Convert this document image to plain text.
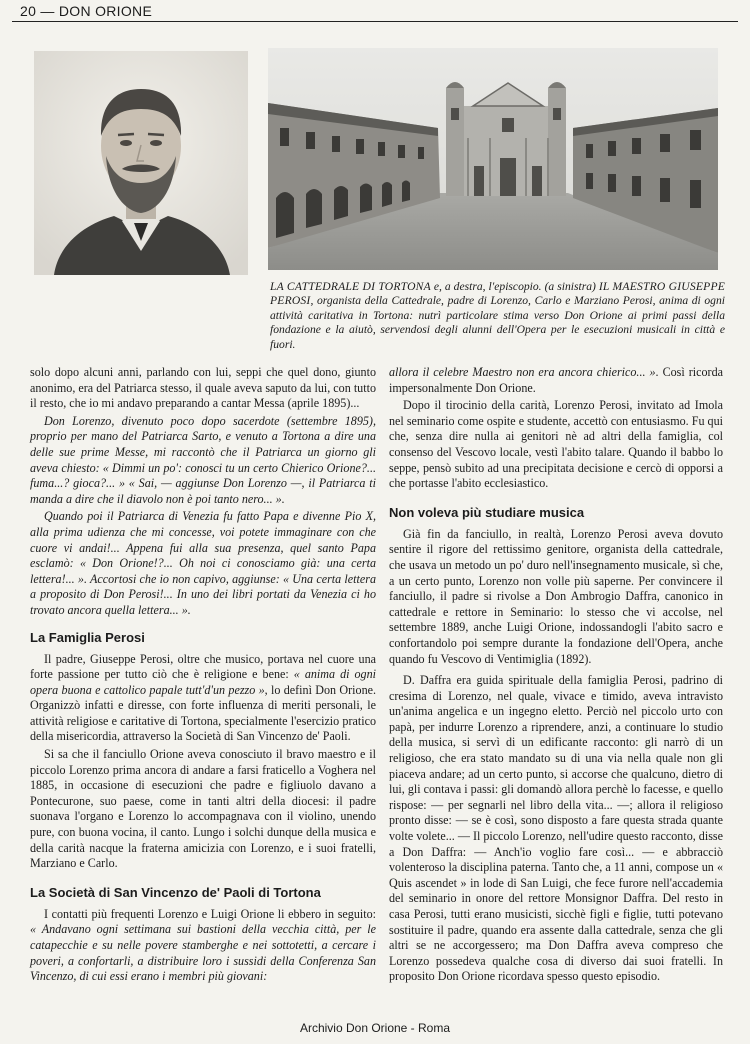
20 — DON ORIONE
LA CATTEDRALE DI TORTONA e, a destra, l'episcopio. (a sinistra) IL MAESTRO GIUSEPPE PEROSI, organista della Cattedrale, padre di Lorenzo, Carlo e Marziano Perosi, anima di ogni attività caritativa in Tortona: nutrì particolare stima verso Don Orione ai primi passi della fondazione e la aiutò, servendosi degli alunni dell'Opera per le esecuzioni musicali in città e fuori.

solo dopo alcuni anni, parlando con lui, seppi che quel dono, giunto anonimo, era del Patriarca stesso, il quale aveva saputo da lui, con tutto il resto, che io mi andavo preparando a cantar Messa (aprile 1895)...

Don Lorenzo, divenuto poco dopo sacerdote (settembre 1895), proprio per mano del Patriarca Sarto, e venuto a Tortona a dire una delle sue prime Messe, mi raccontò che il Patriarca un giorno gli aveva chiesto: « Dimmi un po': conosci tu un certo Chierico Orione?... fuma...? gioca?... » « Sai, — aggiunse Don Lorenzo —, il Patriarca ti manda a dire che il diavolo non è poi tanto nero... ».

Quando poi il Patriarca di Venezia fu fatto Papa e divenne Pio X, alla prima udienza che mi concesse, voi potete immaginare con che cuore vi andai!... Appena fui alla sua presenza, quel santo Papa esclamò: « Don Orione!?... Oh noi ci conosciamo già: una certa lettera!... ». Accortosi che io non capivo, aggiunse: « Una certa lettera a proposito di Don Perosi!... In uno dei libri portati da Venezia ci ho trovato ancora quella lettera... ».

La Famiglia Perosi

Il padre, Giuseppe Perosi, oltre che musico, portava nel cuore una forte passione per tutto ciò che è religione e bene: « anima di ogni opera buona e cattolico papale tutt'd'un pezzo », lo definì Don Orione. Organizzò infatti e diresse, con forte influenza di meriti personali, le attività religiose e caritative di Tortona, specialmente l'esercizio pratico della misericordia, attraverso la Società di San Vincenzo de' Paoli.

Si sa che il fanciullo Orione aveva conosciuto il bravo maestro e il piccolo Lorenzo prima ancora di andare a farsi fraticello a Voghera nel 1885, in occasione di esecuzioni che padre e figliuolo davano a Pontecurone, suo paese, come in tanti altri della diocesi: il padre suonava l'organo e Lorenzo lo accompagnava con il violino, unendo pure, con buona vocina, il canto. Lungo i solchi dunque della musica e della carità nacque la fraterna amicizia con Lorenzo, e i suoi fratelli, Marziano e Carlo.

La Società di San Vincenzo de' Paoli di Tortona

I contatti più frequenti Lorenzo e Luigi Orione li ebbero in seguito: « Andavano ogni settimana sui bastioni della vecchia città, per le catapecchie e su nelle povere stamberghe e nei sottotetti, a cercare i poveri, a confortarli, a distribuire loro i sussidi della Conferenza San Vincenzo, di cui essi erano i membri più giovani:

allora il celebre Maestro non era ancora chierico... ». Così ricorda impersonalmente Don Orione.

Dopo il tirocinio della carità, Lorenzo Perosi, invitato ad Imola nel seminario come ospite e studente, accettò con entusiasmo. Fu qui che, senza dire nulla ai genitori nè ad altri della famiglia, col consenso del Vescovo locale, vestì l'abito talare. Quando il babbo lo seppe, pensò subito ad una precipitata decisione e cercò di opporsi a che portasse l'abito ecclesiastico.

Non voleva più studiare musica

Già fin da fanciullo, in realtà, Lorenzo Perosi aveva dovuto sentire il rigore del rettissimo genitore, organista della cattedrale, che usava un metodo un po' duro nell'insegnamento musicale, sì che, a un certo punto, Lorenzo non volle più saperne. Per convincere il fanciullo, il padre si rivolse a Don Ambrogio Daffra, canonico in cattedrale e rettore in Seminario: lo stesso che vi accolse, nel settembre 1889, anche Luigi Orione, indossandogli l'abito sacro e confortandolo poi sempre durante la fondazione dell'Opera, anche quando fu Vescovo di Ventimiglia (1892).

D. Daffra era guida spirituale della famiglia Perosi, padrino di cresima di Lorenzo, nel quale, vivace e timido, aveva intravisto un'anima angelica e un ingegno eletto. Perciò nel piccolo urto con papà, per indurre Lorenzo a riprendere, anzi, a continuare lo studio della musica, si servì di un edificante racconto: gli narrò di un religioso, che era stato mandato su di una via nella quale non gli piaceva andare; ad un certo punto, si accorse che qualcuno, dietro di lui, gli contava i passi: gli domandò allora perchè lo facesse, e quello rispose: — per segnarli nel libro della vita... —; allora il religioso pronto disse: — se è così, sono disposto a fare questa strada quante volte volete... — Il piccolo Lorenzo, nell'udire questo racconto, disse a Don Daffra: — Anch'io voglio fare così... — e abbracciò volenteroso la disciplina paterna. Tanto che, a 11 anni, compose un « Quis ascendet » in lode di San Luigi, che fece furore nell'accademia del seminario in onore del rettore Monsignor Daffra. Del resto in casa Perosi, tutti erano musicisti, sicchè figli e figlie, tutti potevano sostituire il padre, quando era assente dalla cattedrale, senza che gli altri se ne accorgessero; ma Don Daffra aveva compreso che Lorenzo possedeva qualche cosa di diverso dai suoi fratelli. In proposito Don Orione ricordava spesso questo episodio.

Archivio Don Orione - Roma
